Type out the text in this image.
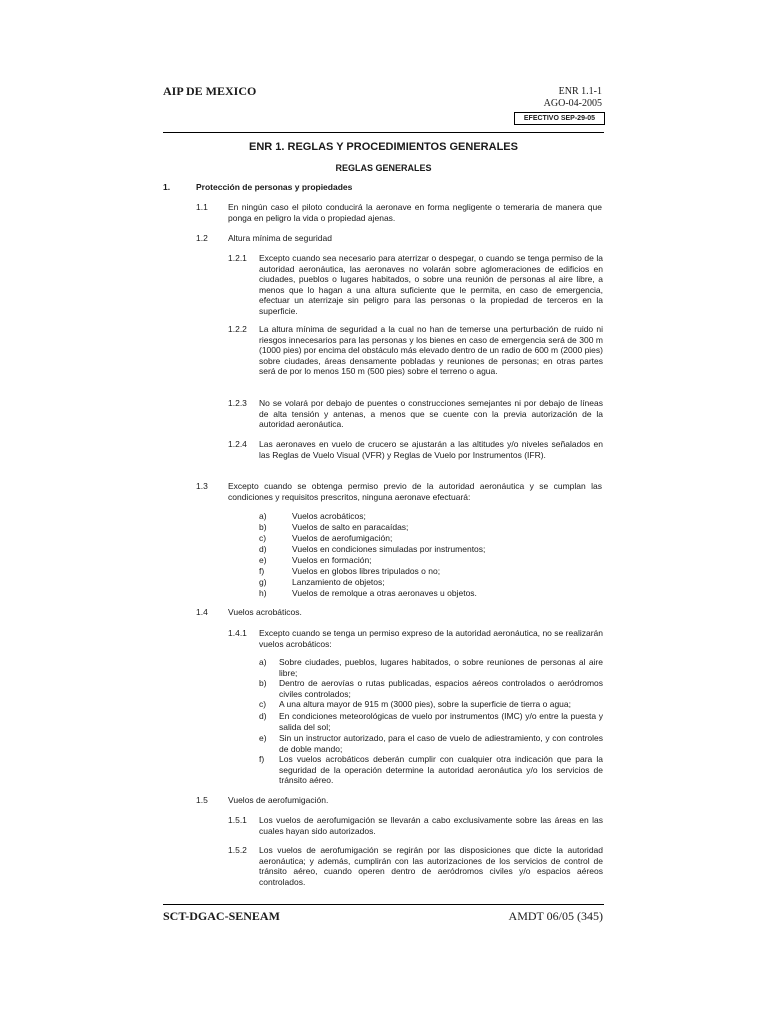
AIP DE MEXICO	ENR 1.1-1
AGO-04-2005
EFECTIVO SEP-29-05
ENR 1. REGLAS Y PROCEDIMIENTOS GENERALES
REGLAS GENERALES
1.	Protección de personas y propiedades
1.1 En ningún caso el piloto conducirá la aeronave en forma negligente o temeraria de manera que ponga en peligro la vida o propiedad ajenas.
1.2 Altura mínima de seguridad
1.2.1 Excepto cuando sea necesario para aterrizar o despegar, o cuando se tenga permiso de la autoridad aeronáutica, las aeronaves no volarán sobre aglomeraciones de edificios en ciudades, pueblos o lugares habitados, o sobre una reunión de personas al aire libre, a menos que lo hagan a una altura suficiente que le permita, en caso de emergencia, efectuar un aterrizaje sin peligro para las personas o la propiedad de terceros en la superficie.
1.2.2 La altura mínima de seguridad a la cual no han de temerse una perturbación de ruido ni riesgos innecesarios para las personas y los bienes en caso de emergencia será de 300 m (1000 pies) por encima del obstáculo más elevado dentro de un radio de 600 m (2000 pies) sobre ciudades, áreas densamente pobladas y reuniones de personas; en otras partes será de por lo menos 150 m (500 pies) sobre el terreno o agua.
1.2.3 No se volará por debajo de puentes o construcciones semejantes ni por debajo de líneas de alta tensión y antenas, a menos que se cuente con la previa autorización de la autoridad aeronáutica.
1.2.4 Las aeronaves en vuelo de crucero se ajustarán a las altitudes y/o niveles señalados en las Reglas de Vuelo Visual (VFR) y Reglas de Vuelo por Instrumentos (IFR).
1.3 Excepto cuando se obtenga permiso previo de la autoridad aeronáutica y se cumplan las condiciones y requisitos prescritos, ninguna aeronave efectuará:
a)	Vuelos acrobáticos;
b)	Vuelos de salto en paracaídas;
c)	Vuelos de aerofumigación;
d)	Vuelos en condiciones simuladas por instrumentos;
e)	Vuelos en formación;
f)	Vuelos en globos libres tripulados o no;
g)	Lanzamiento de objetos;
h)	Vuelos de remolque a otras aeronaves u objetos.
1.4 Vuelos acrobáticos.
1.4.1 Excepto cuando se tenga un permiso expreso de la autoridad aeronáutica, no se realizarán vuelos acrobáticos:
a) Sobre ciudades, pueblos, lugares habitados, o sobre reuniones de personas al aire libre;
b) Dentro de aerovías o rutas publicadas, espacios aéreos controlados o aeródromos civiles controlados;
c) A una altura mayor de 915 m (3000 pies), sobre la superficie de tierra o agua;
d) En condiciones meteorológicas de vuelo por instrumentos (IMC) y/o entre la puesta y salida del sol;
e) Sin un instructor autorizado, para el caso de vuelo de adiestramiento, y con controles de doble mando;
f) Los vuelos acrobáticos deberán cumplir con cualquier otra indicación que para la seguridad de la operación determine la autoridad aeronáutica y/o los servicios de tránsito aéreo.
1.5 Vuelos de aerofumigación.
1.5.1 Los vuelos de aerofumigación se llevarán a cabo exclusivamente sobre las áreas en las cuales hayan sido autorizados.
1.5.2 Los vuelos de aerofumigación se regirán por las disposiciones que dicte la autoridad aeronáutica; y además, cumplirán con las autorizaciones de los servicios de control de tránsito aéreo, cuando operen dentro de aeródromos civiles y/o espacios aéreos controlados.
SCT-DGAC-SENEAM	AMDT 06/05 (345)
